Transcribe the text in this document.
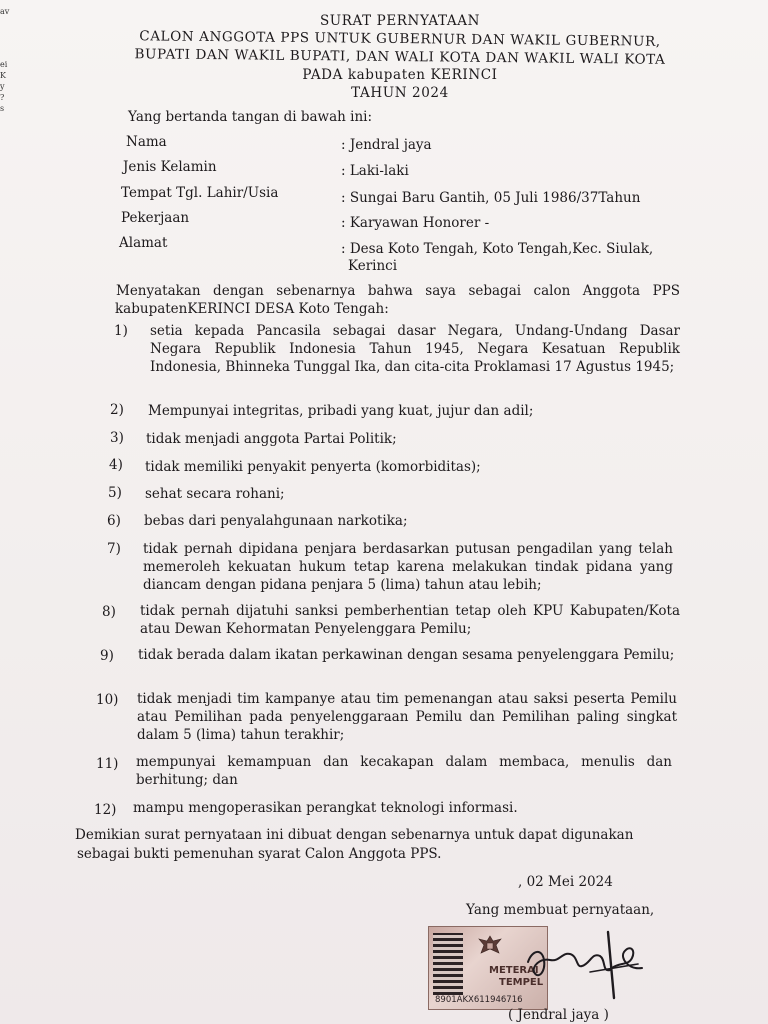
av
ei
K
y
?
s
SURAT PERNYATAAN
CALON ANGGOTA PPS UNTUK GUBERNUR DAN WAKIL GUBERNUR,
BUPATI DAN WAKIL BUPATI, DAN WALI KOTA DAN WAKIL WALI KOTA
PADA kabupaten KERINCI
TAHUN 2024
Yang bertanda tangan di bawah ini:
Nama	: Jendral jaya
Jenis Kelamin	: Laki-laki
Tempat Tgl. Lahir/Usia	: Sungai Baru Gantih, 05 Juli 1986/37Tahun
Pekerjaan	: Karyawan Honorer -
Alamat	: Desa Koto Tengah, Koto Tengah,Kec. Siulak,
Kerinci
Menyatakan dengan sebenarnya bahwa saya sebagai calon Anggota PPS
kabupatenKERINCI DESA Koto Tengah:
1) setia kepada Pancasila sebagai dasar Negara, Undang-Undang Dasar Negara Republik Indonesia Tahun 1945, Negara Kesatuan Republik Indonesia, Bhinneka Tunggal Ika, dan cita-cita Proklamasi 17 Agustus 1945;
2) Mempunyai integritas, pribadi yang kuat, jujur dan adil;
3) tidak menjadi anggota Partai Politik;
4) tidak memiliki penyakit penyerta (komorbiditas);
5) sehat secara rohani;
6) bebas dari penyalahgunaan narkotika;
7) tidak pernah dipidana penjara berdasarkan putusan pengadilan yang telah memeroleh kekuatan hukum tetap karena melakukan tindak pidana yang diancam dengan pidana penjara 5 (lima) tahun atau lebih;
8) tidak pernah dijatuhi sanksi pemberhentian tetap oleh KPU Kabupaten/Kota atau Dewan Kehormatan Penyelenggara Pemilu;
9) tidak berada dalam ikatan perkawinan dengan sesama penyelenggara Pemilu;
10) tidak menjadi tim kampanye atau tim pemenangan atau saksi peserta Pemilu atau Pemilihan pada penyelenggaraan Pemilu dan Pemilihan paling singkat dalam 5 (lima) tahun terakhir;
11) mempunyai kemampuan dan kecakapan dalam membaca, menulis dan berhitung; dan
12) mampu mengoperasikan perangkat teknologi informasi.
Demikian surat pernyataan ini dibuat dengan sebenarnya untuk dapat digunakan
sebagai bukti pemenuhan syarat Calon Anggota PPS.
, 02 Mei 2024
Yang membuat pernyataan,
METERAI
TEMPEL
8901AKX611946716
( Jendral jaya )
